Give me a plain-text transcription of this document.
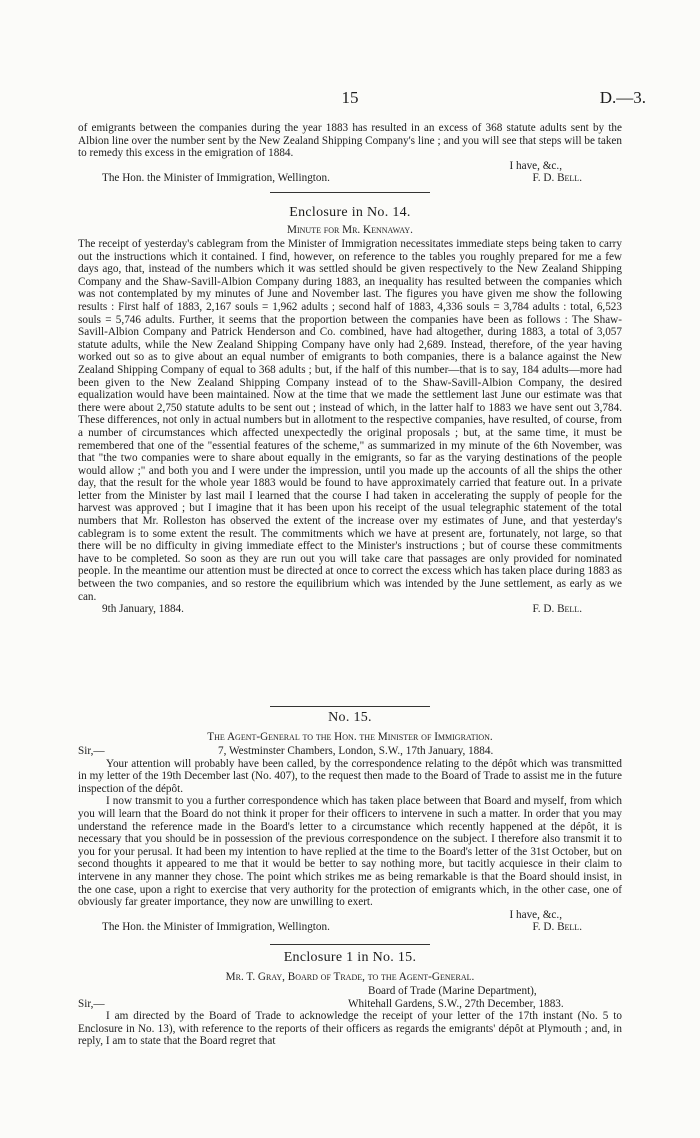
15	D.—3.

of emigrants between the companies during the year 1883 has resulted in an excess of 368 statute adults sent by the Albion line over the number sent by the New Zealand Shipping Company's line ; and you will see that steps will be taken to remedy this excess in the emigration of 1884.

I have, &c.,
The Hon. the Minister of Immigration, Wellington.	F. D. Bell.
Enclosure in No. 14.
Minute for Mr. Kennaway.

The receipt of yesterday's cablegram from the Minister of Immigration necessitates immediate steps being taken to carry out the instructions which it contained. I find, however, on reference to the tables you roughly prepared for me a few days ago, that, instead of the numbers which it was settled should be given respectively to the New Zealand Shipping Company and the Shaw-Savill-Albion Company during 1883, an inequality has resulted between the companies which was not contemplated by my minutes of June and November last. The figures you have given me show the following results : First half of 1883, 2,167 souls = 1,962 adults ; second half of 1883, 4,336 souls = 3,784 adults : total, 6,523 souls = 5,746 adults. Further, it seems that the proportion between the companies have been as follows : The Shaw-Savill-Albion Company and Patrick Henderson and Co. combined, have had altogether, during 1883, a total of 3,057 statute adults, while the New Zealand Shipping Company have only had 2,689. Instead, therefore, of the year having worked out so as to give about an equal number of emigrants to both companies, there is a balance against the New Zealand Shipping Company of equal to 368 adults ; but, if the half of this number—that is to say, 184 adults—more had been given to the New Zealand Shipping Company instead of to the Shaw-Savill-Albion Company, the desired equalization would have been maintained. Now at the time that we made the settlement last June our estimate was that there were about 2,750 statute adults to be sent out ; instead of which, in the latter half to 1883 we have sent out 3,784. These differences, not only in actual numbers but in allotment to the respective companies, have resulted, of course, from a number of circumstances which affected unexpectedly the original proposals ; but, at the same time, it must be remembered that one of the "essential features of the scheme," as summarized in my minute of the 6th November, was that "the two companies were to share about equally in the emigrants, so far as the varying destinations of the people would allow ;" and both you and I were under the impression, until you made up the accounts of all the ships the other day, that the result for the whole year 1883 would be found to have approximately carried that feature out. In a private letter from the Minister by last mail I learned that the course I had taken in accelerating the supply of people for the harvest was approved ; but I imagine that it has been upon his receipt of the usual telegraphic statement of the total numbers that Mr. Rolleston has observed the extent of the increase over my estimates of June, and that yesterday's cablegram is to some extent the result. The commitments which we have at present are, fortunately, not large, so that there will be no difficulty in giving immediate effect to the Minister's instructions ; but of course these commitments have to be completed. So soon as they are run out you will take care that passages are only provided for nominated people. In the meantime our attention must be directed at once to correct the excess which has taken place during 1883 as between the two companies, and so restore the equilibrium which was intended by the June settlement, as early as we can.

9th January, 1884.	F. D. Bell.
No. 15.
The Agent-General to the Hon. the Minister of Immigration.
Sir,—	7, Westminster Chambers, London, S.W., 17th January, 1884.

Your attention will probably have been called, by the correspondence relating to the dépôt which was transmitted in my letter of the 19th December last (No. 407), to the request then made to the Board of Trade to assist me in the future inspection of the dépôt.

I now transmit to you a further correspondence which has taken place between that Board and myself, from which you will learn that the Board do not think it proper for their officers to intervene in such a matter. In order that you may understand the reference made in the Board's letter to a circumstance which recently happened at the dépôt, it is necessary that you should be in possession of the previous correspondence on the subject. I therefore also transmit it to you for your perusal. It had been my intention to have replied at the time to the Board's letter of the 31st October, but on second thoughts it appeared to me that it would be better to say nothing more, but tacitly acquiesce in their claim to intervene in any manner they chose. The point which strikes me as being remarkable is that the Board should insist, in the one case, upon a right to exercise that very authority for the protection of emigrants which, in the other case, one of obviously far greater importance, they now are unwilling to exert.

I have, &c.,
The Hon. the Minister of Immigration, Wellington.	F. D. Bell.
Enclosure 1 in No. 15.
Mr. T. Gray, Board of Trade, to the Agent-General.
Board of Trade (Marine Department),
Sir,—	Whitehall Gardens, S.W., 27th December, 1883.

I am directed by the Board of Trade to acknowledge the receipt of your letter of the 17th instant (No. 5 to Enclosure in No. 13), with reference to the reports of their officers as regards the emigrants' dépôt at Plymouth ; and, in reply, I am to state that the Board regret that
